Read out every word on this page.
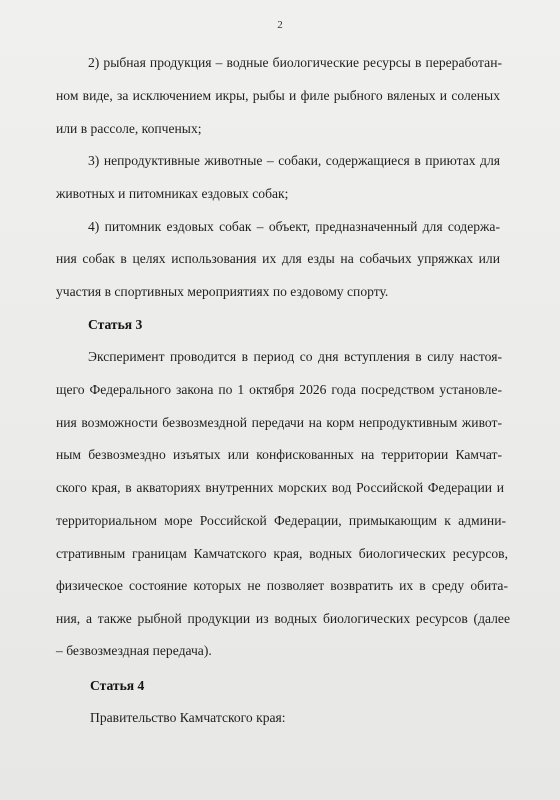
2
2) рыбная продукция – водные биологические ресурсы в переработан-
ном виде, за исключением икры, рыбы и филе рыбного вяленых и соленых
или в рассоле, копченых;
3) непродуктивные животные – собаки, содержащиеся в приютах для
животных и питомниках ездовых собак;
4) питомник ездовых собак – объект, предназначенный для содержа-
ния собак в целях использования их для езды на собачьих упряжках или
участия в спортивных мероприятиях по ездовому спорту.
Статья 3
Эксперимент проводится в период со дня вступления в силу настоя-
щего Федерального закона по 1 октября 2026 года посредством установле-
ния возможности безвозмездной передачи на корм непродуктивным живот-
ным безвозмездно изъятых или конфискованных на территории Камчат-
ского края, в акваториях внутренних морских вод Российской Федерации и
территориальном море Российской Федерации, примыкающим к админи-
стративным границам Камчатского края, водных биологических ресурсов,
физическое состояние которых не позволяет возвратить их в среду обита-
ния, а также рыбной продукции из водных биологических ресурсов (далее
– безвозмездная передача).
Статья 4
Правительство Камчатского края:
